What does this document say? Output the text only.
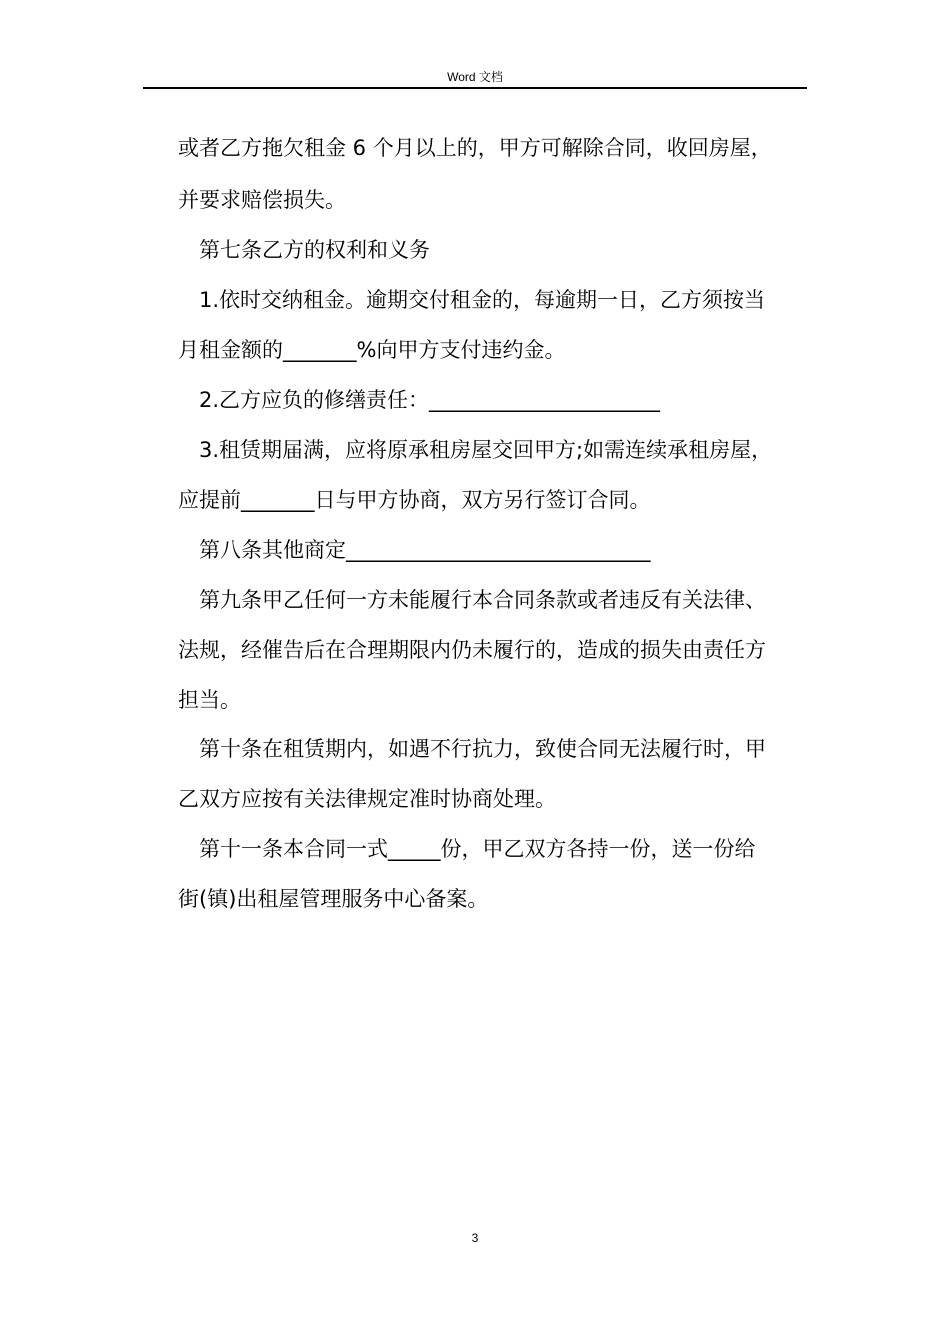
Word 文档
或者乙方拖欠租金 6 个月以上的，甲方可解除合同，收回房屋，
并要求赔偿损失。
第七条乙方的权利和义务
1.依时交纳租金。逾期交付租金的，每逾期一日，乙方须按当
月租金额的_______%向甲方支付违约金。
2.乙方应负的修缮责任：______________________
3.租赁期届满，应将原承租房屋交回甲方;如需连续承租房屋，
应提前_______日与甲方协商，双方另行签订合同。
第八条其他商定_____________________________
第九条甲乙任何一方未能履行本合同条款或者违反有关法律、
法规，经催告后在合理期限内仍未履行的，造成的损失由责任方
担当。
第十条在租赁期内，如遇不行抗力，致使合同无法履行时，甲
乙双方应按有关法律规定准时协商处理。
第十一条本合同一式_____份，甲乙双方各持一份，送一份给
街(镇)出租屋管理服务中心备案。
3
